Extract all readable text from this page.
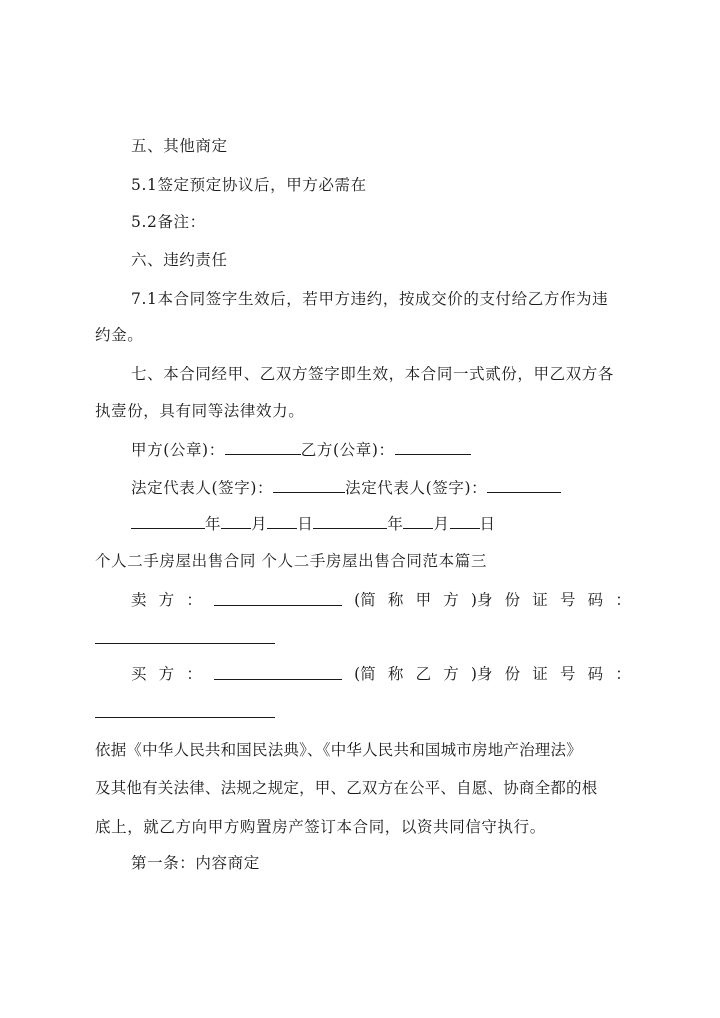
五、其他商定
5.1签定预定协议后，甲方必需在
5.2备注：
六、违约责任
7.1本合同签字生效后，若甲方违约，按成交价的支付给乙方作为违
约金。
七、本合同经甲、乙双方签字即生效，本合同一式贰份，甲乙双方各
执壹份，具有同等法律效力。
甲方(公章)：	乙方(公章)：
法定代表人(签字)：	法定代表人(签字)：
年 月 日	年 月 日
个人二手房屋出售合同 个人二手房屋出售合同范本篇三
卖 方 ：	(简 称 甲 方 )身 份 证 号 码 ：
买 方 ：	(简 称 乙 方 )身 份 证 号 码 ：
依据《中华人民共和国民法典》、《中华人民共和国城市房地产治理法》
及其他有关法律、法规之规定，甲、乙双方在公平、自愿、协商全都的根
底上，就乙方向甲方购置房产签订本合同，以资共同信守执行。
第一条：内容商定
